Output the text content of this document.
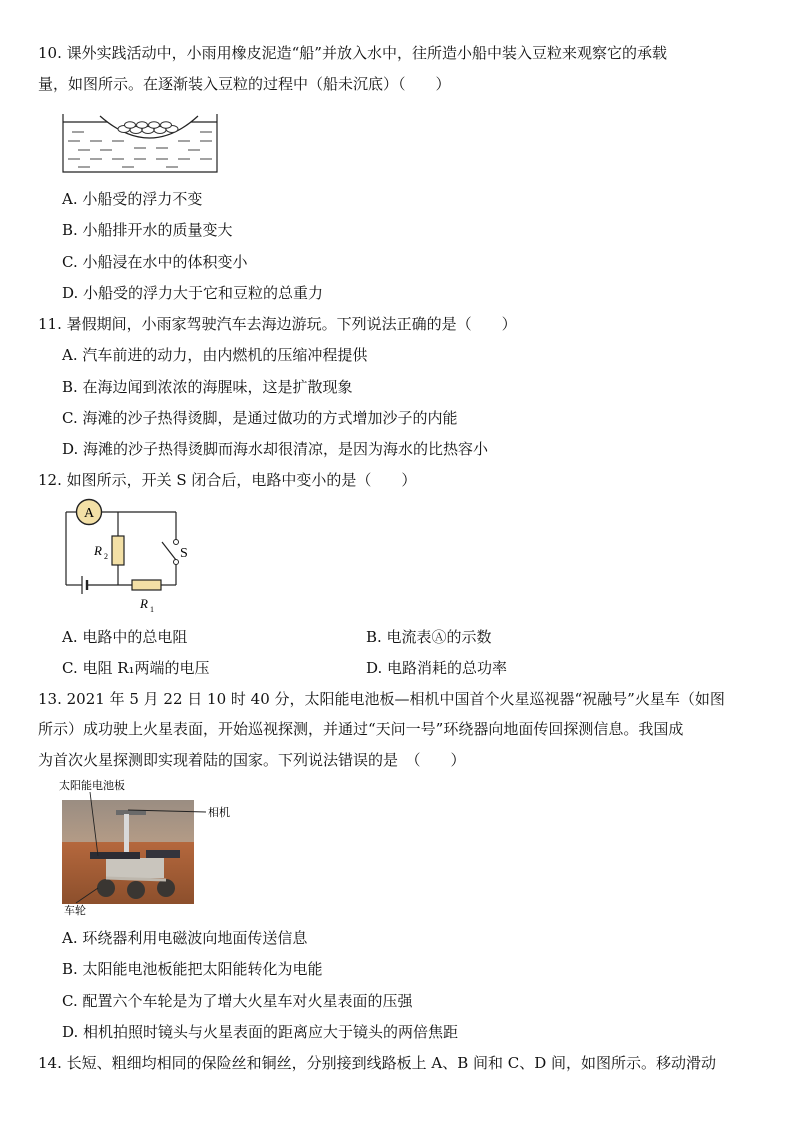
10. 课外实践活动中，小雨用橡皮泥造“船”并放入水中，往所造小船中装入豆粒来观察它的承载
量，如图所示。在逐渐装入豆粒的过程中（船未沉底）（　　）
A. 小船受的浮力不变
B. 小船排开水的质量变大
C. 小船浸在水中的体积变小
D. 小船受的浮力大于它和豆粒的总重力
11. 暑假期间，小雨家驾驶汽车去海边游玩。下列说法正确的是（　　）
A. 汽车前进的动力，由内燃机的压缩冲程提供
B. 在海边闻到浓浓的海腥味，这是扩散现象
C. 海滩的沙子热得烫脚，是通过做功的方式增加沙子的内能
D. 海滩的沙子热得烫脚而海水却很清凉，是因为海水的比热容小
12. 如图所示，开关 S 闭合后，电路中变小的是（　　）
A
R 2
R 1
S
A. 电路中的总电阻	B. 电流表Ⓐ的示数
C. 电阻 R₁两端的电压	D. 电路消耗的总功率
13. 2021 年 5 月 22 日 10 时 40 分，太阳能电池板—相机中国首个火星巡视器“祝融号”火星车（如图
所示）成功驶上火星表面，开始巡视探测，并通过“天问一号”环绕器向地面传回探测信息。我国成
为首次火星探测即实现着陆的国家。下列说法错误的是　（　　）
太阳能电池板
相机
车轮
A. 环绕器利用电磁波向地面传送信息
B. 太阳能电池板能把太阳能转化为电能
C. 配置六个车轮是为了增大火星车对火星表面的压强
D. 相机拍照时镜头与火星表面的距离应大于镜头的两倍焦距
14. 长短、粗细均相同的保险丝和铜丝，分别接到线路板上 A、B 间和 C、D 间，如图所示。移动滑动
